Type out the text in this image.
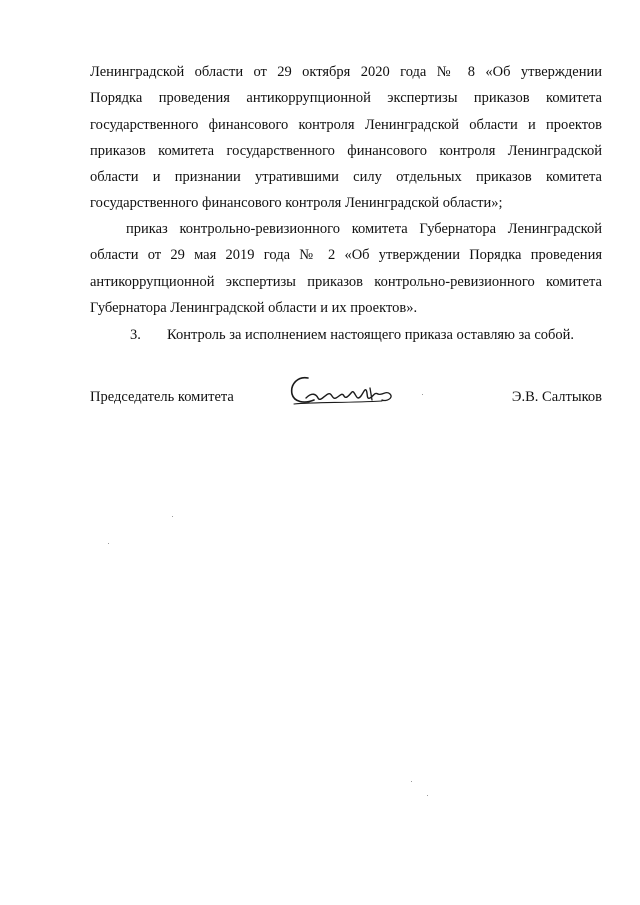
Ленинградской области от 29 октября 2020 года № 8 «Об утверждении
Порядка проведения антикоррупционной экспертизы приказов комитета
государственного финансового контроля Ленинградской области и проектов
приказов комитета государственного финансового контроля Ленинградской
области и признании утратившими силу отдельных приказов комитета
государственного финансового контроля Ленинградской области»;
приказ контрольно-ревизионного комитета Губернатора Ленинградской
области от 29 мая 2019 года № 2 «Об утверждении Порядка проведения
антикоррупционной экспертизы приказов контрольно-ревизионного комитета
Губернатора Ленинградской области и их проектов».
3. Контроль за исполнением настоящего приказа оставляю за собой.
Председатель комитета	Э.В. Салтыков
